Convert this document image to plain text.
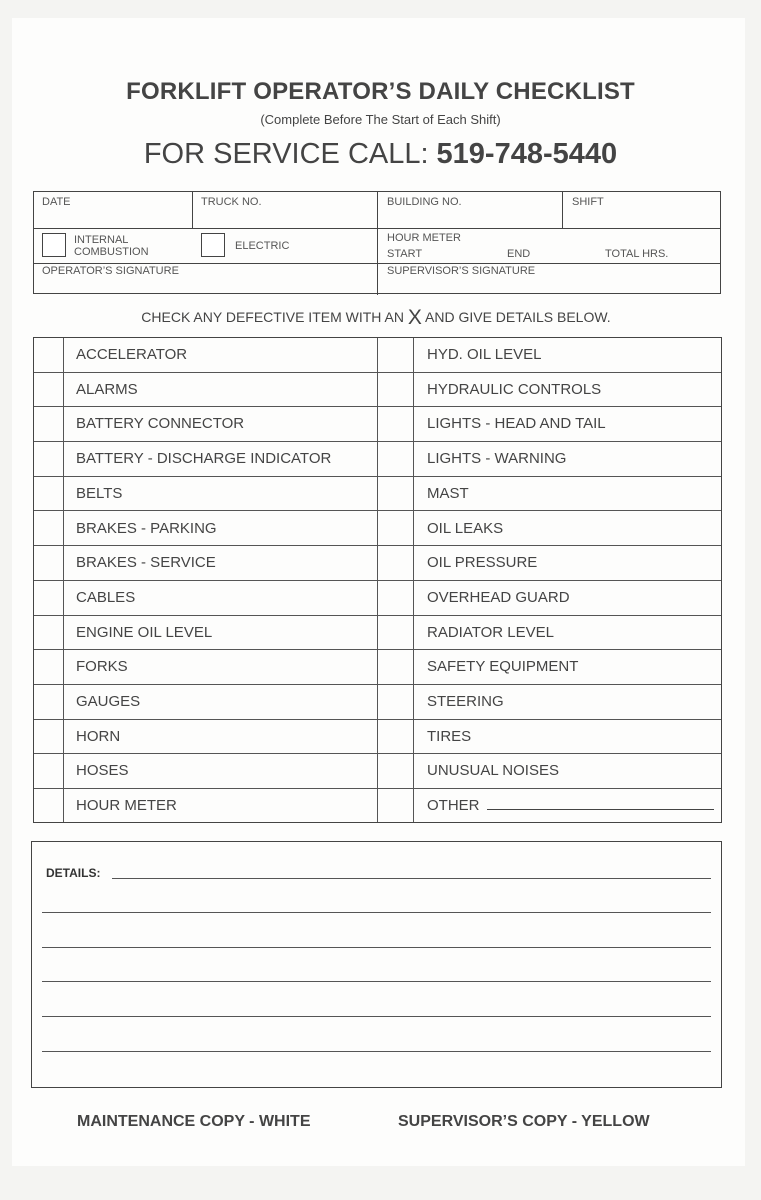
FORKLIFT OPERATOR’S DAILY CHECKLIST
(Complete Before The Start of Each Shift)
FOR SERVICE CALL: 519-748-5440
DATE	TRUCK NO.	BUILDING NO.	SHIFT
INTERNAL
COMBUSTION	ELECTRIC
HOUR METER
START	END	TOTAL HRS.
OPERATOR’S SIGNATURE	SUPERVISOR’S SIGNATURE
CHECK ANY DEFECTIVE ITEM WITH AN X AND GIVE DETAILS BELOW.
ACCELERATOR	HYD. OIL LEVEL
ALARMS	HYDRAULIC CONTROLS
BATTERY CONNECTOR	LIGHTS - HEAD AND TAIL
BATTERY - DISCHARGE INDICATOR	LIGHTS - WARNING
BELTS	MAST
BRAKES - PARKING	OIL LEAKS
BRAKES - SERVICE	OIL PRESSURE
CABLES	OVERHEAD GUARD
ENGINE OIL LEVEL	RADIATOR LEVEL
FORKS	SAFETY EQUIPMENT
GAUGES	STEERING
HORN	TIRES
HOSES	UNUSUAL NOISES
HOUR METER	OTHER
DETAILS:
MAINTENANCE COPY - WHITE	SUPERVISOR’S COPY - YELLOW
